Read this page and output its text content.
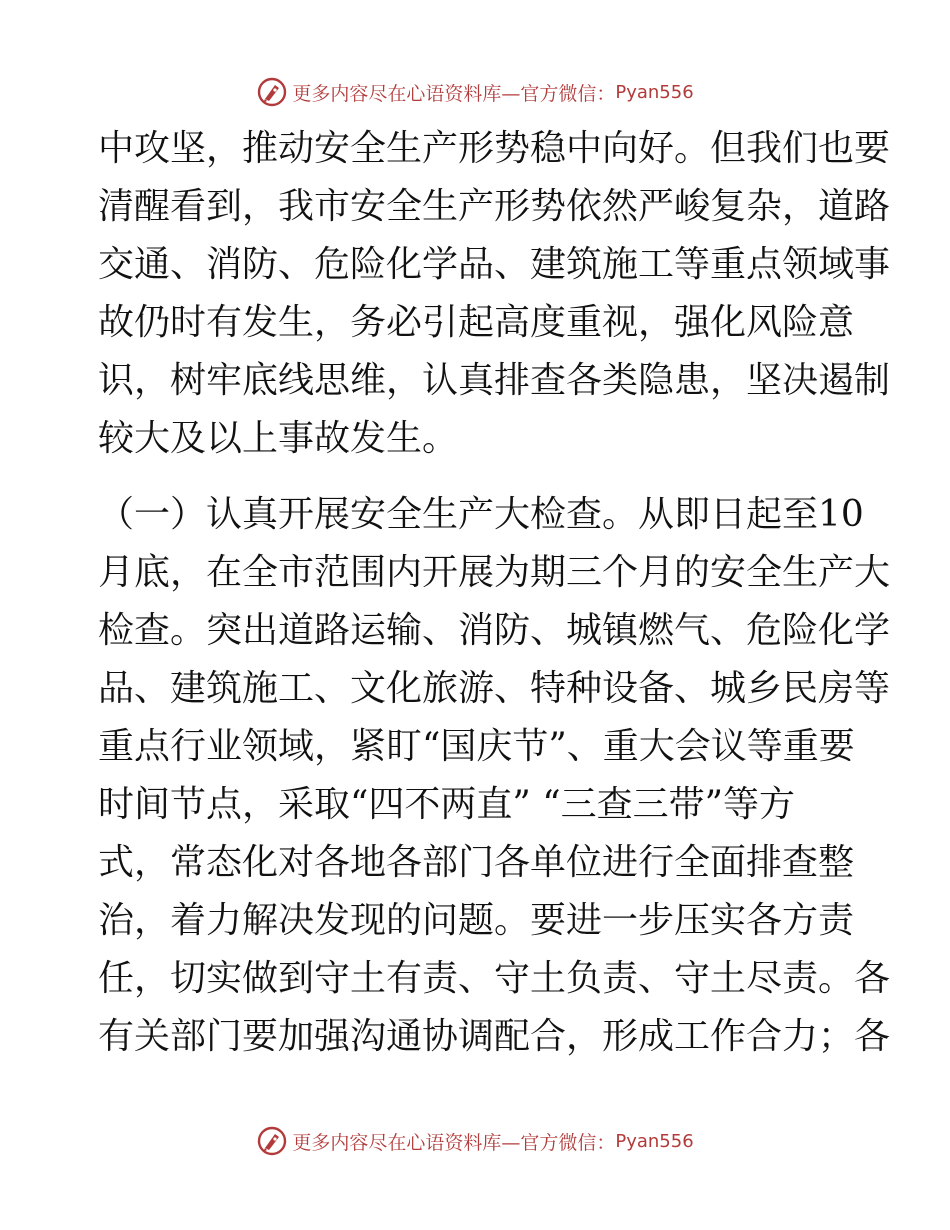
更多内容尽在心语资料库— 官方微信： Pyan556

中攻坚，推动安全生产形势稳中向好。但我们也要
清醒看到，我市安全生产形势依然严峻复杂，道路
交通、消防、危险化学品、建筑施工等重点领域事
故仍时有发生，务必引起高度重视，强化风险意
识，树牢底线思维，认真排查各类隐患，坚决遏制
较大及以上事故发生。

（一）认真开展安全生产大检查。从即日起至10
月底，在全市范围内开展为期三个月的安全生产大
检查。突出道路运输、消防、城镇燃气、危险化学
品、建筑施工、文化旅游、特种设备、城乡民房等
重点行业领域，紧盯“国庆节”、重大会议等重要
时间节点，采取“四不两直” “三查三带”等方
式，常态化对各地各部门各单位进行全面排查整
治，着力解决发现的问题。要进一步压实各方责
任，切实做到守土有责、守土负责、守土尽责。各
有关部门要加强沟通协调配合，形成工作合力；各

更多内容尽在心语资料库— 官方微信： Pyan556
